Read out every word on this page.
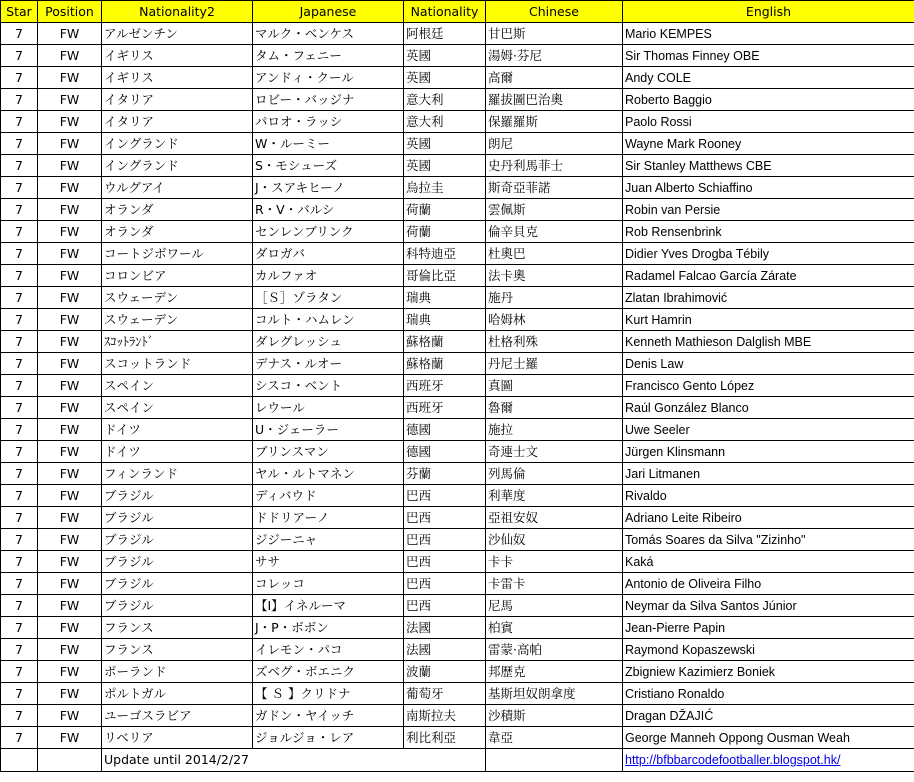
Star	Position	Nationality2	Japanese	Nationality	Chinese	English
7	FW	アルゼンチン	マルク・ベンケス	阿根廷	甘巴斯	Mario KEMPES
7	FW	イギリス	タム・フェニー	英國	湯姆·芬尼	Sir Thomas Finney OBE
7	FW	イギリス	アンドィ・クール	英國	高爾	Andy COLE
7	FW	イタリア	ロビー・バッジナ	意大利	羅拔圖巴治奧	Roberto Baggio
7	FW	イタリア	パロオ・ラッシ	意大利	保羅羅斯	Paolo Rossi
7	FW	イングランド	W・ルーミー	英國	朗尼	Wayne Mark Rooney
7	FW	イングランド	S・モシューズ	英國	史丹利馬菲士	Sir Stanley Matthews CBE
7	FW	ウルグアイ	J・スアキヒーノ	烏拉圭	斯奇亞菲諾	Juan Alberto Schiaffino
7	FW	オランダ	R・V・バルシ	荷蘭	雲佩斯	Robin van Persie
7	FW	オランダ	センレンブリンク	荷蘭	倫辛貝克	Rob Rensenbrink
7	FW	コートジボワール	ダロガバ	科特迪亞	杜奧巴	Didier Yves Drogba Tébily
7	FW	コロンビア	カルファオ	哥倫比亞	法卡奧	Radamel Falcao García Zárate
7	FW	スウェーデン	［Ｓ］ゾラタン	瑞典	施丹	Zlatan Ibrahimović
7	FW	スウェーデン	コルト・ハムレン	瑞典	哈姆林	Kurt Hamrin
7	FW	ｽｺｯﾄﾗﾝﾄﾞ	ダレグレッシュ	蘇格蘭	杜格利殊	Kenneth Mathieson Dalglish MBE
7	FW	スコットランド	デナス・ルオー	蘇格蘭	丹尼士羅	Denis Law
7	FW	スペイン	シスコ・ベント	西班牙	真圖	Francisco Gento López
7	FW	スペイン	レウール	西班牙	魯爾	Raúl González Blanco
7	FW	ドイツ	U・ジェーラー	德國	施拉	Uwe Seeler
7	FW	ドイツ	ブリンスマン	德國	奇連士文	Jürgen Klinsmann
7	FW	フィンランド	ヤル・ルトマネン	芬蘭	列馬倫	Jari Litmanen
7	FW	ブラジル	ディバウド	巴西	利華度	Rivaldo
7	FW	ブラジル	ドドリアーノ	巴西	亞祖安奴	Adriano Leite Ribeiro
7	FW	ブラジル	ジジーニャ	巴西	沙仙奴	Tomás Soares da Silva "Zizinho"
7	FW	ブラジル	ササ	巴西	卡卡	Kaká
7	FW	ブラジル	コレッコ	巴西	卡雷卡	Antonio de Oliveira Filho
7	FW	ブラジル	【I】イネルーマ	巴西	尼馬	Neymar da Silva Santos Júnior
7	FW	フランス	J・P・ボボン	法國	柏賓	Jean-Pierre Papin
7	FW	フランス	イレモン・パコ	法國	雷蒙·高帕	Raymond Kopaszewski
7	FW	ポーランド	ズベグ・ボエニク	波蘭	邦歷克	Zbigniew Kazimierz Boniek
7	FW	ポルトガル	【 Ｓ 】クリドナ	葡萄牙	基斯坦奴朗拿度	Cristiano Ronaldo
7	FW	ユーゴスラビア	ガドン・ヤイッチ	南斯拉夫	沙積斯	Dragan DŽAJIĆ
7	FW	リベリア	ジョルジョ・レア	利比利亞	韋亞	George Manneh Oppong Ousman Weah
		Update until 2014/2/27				http://bfbbarcodefootballer.blogspot.hk/
